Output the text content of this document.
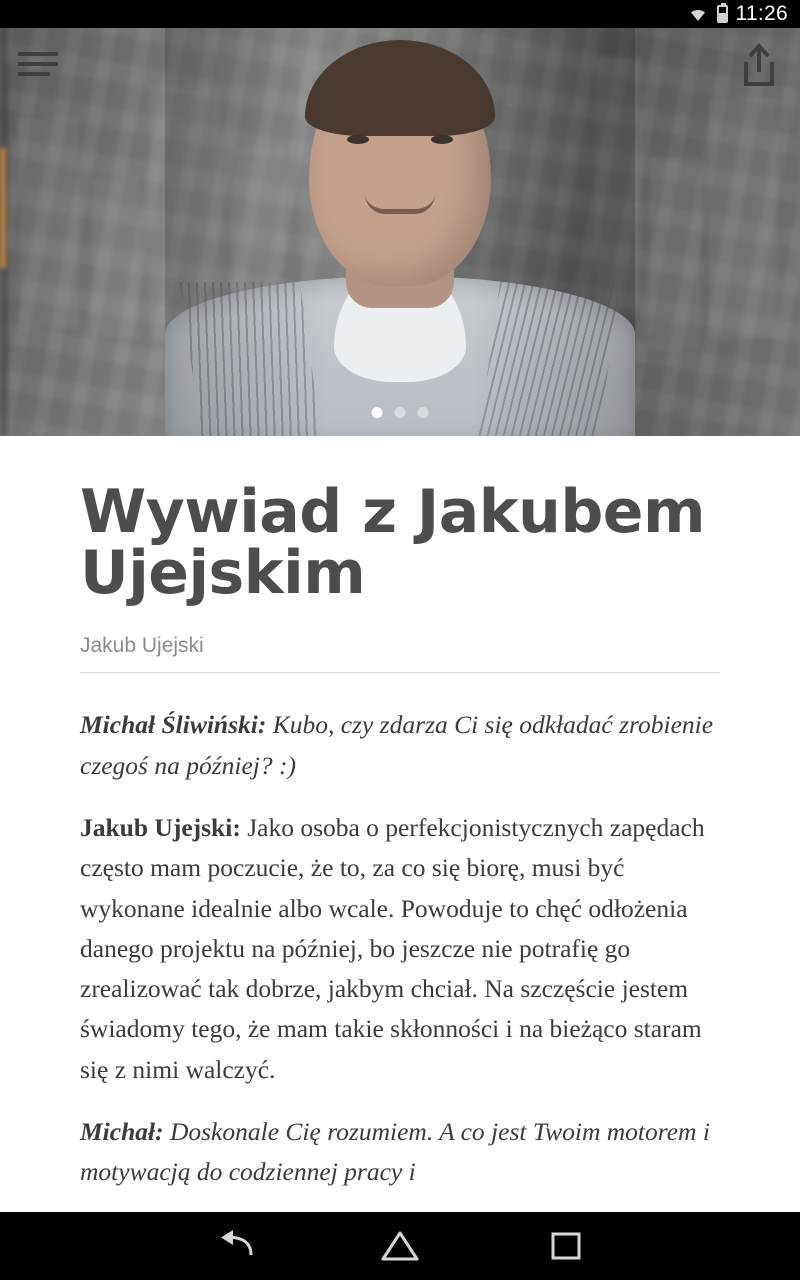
11:26
Wywiad z Jakubem Ujejskim
Jakub Ujejski

Michał Śliwiński: Kubo, czy zdarza Ci się odkładać zrobienie czegoś na później? :)

Jakub Ujejski: Jako osoba o perfekcjonistycznych zapędach często mam poczucie, że to, za co się biorę, musi być wykonane idealnie albo wcale. Powoduje to chęć odłożenia danego projektu na później, bo jeszcze nie potrafię go zrealizować tak dobrze, jakbym chciał. Na szczęście jestem świadomy tego, że mam takie skłonności i na bieżąco staram się z nimi walczyć.

Michał: Doskonale Cię rozumiem. A co jest Twoim motorem i motywacją do codziennej pracy i
